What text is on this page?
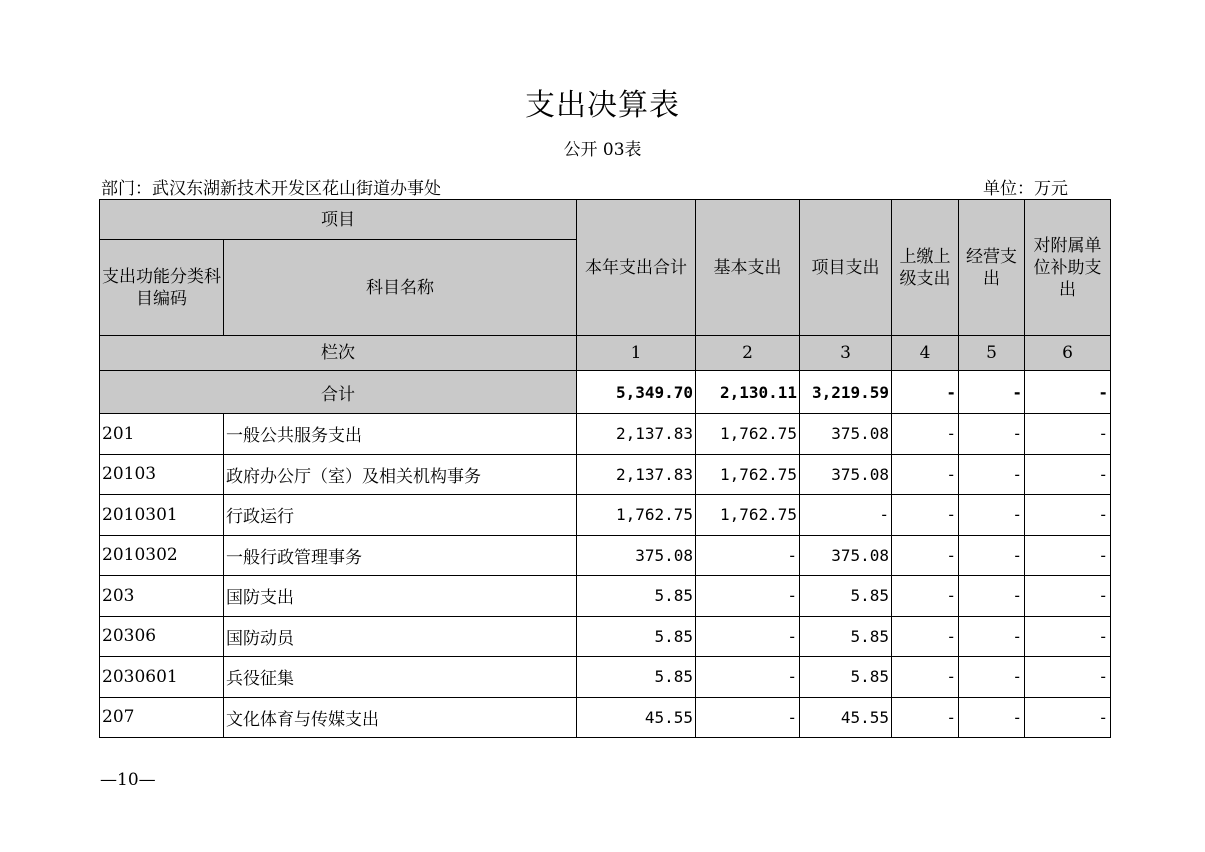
支出决算表
公开 03表
部门：武汉东湖新技术开发区花山街道办事处	单位：万元
项目		本年支出合计	基本支出	项目支出	上缴上级支出	经营支出	对附属单位补助支出
支出功能分类科目编码	科目名称						
栏次		1	2	3	4	5	6
合计		5,349.70	2,130.11	3,219.59	-	-	-
201	一般公共服务支出	2,137.83	1,762.75	375.08	-	-	-
20103	政府办公厅（室）及相关机构事务	2,137.83	1,762.75	375.08	-	-	-
2010301	行政运行	1,762.75	1,762.75	-	-	-	-
2010302	一般行政管理事务	375.08	-	375.08	-	-	-
203	国防支出	5.85	-	5.85	-	-	-
20306	国防动员	5.85	-	5.85	-	-	-
2030601	兵役征集	5.85	-	5.85	-	-	-
207	文化体育与传媒支出	45.55	-	45.55	-	-	-
—10—
